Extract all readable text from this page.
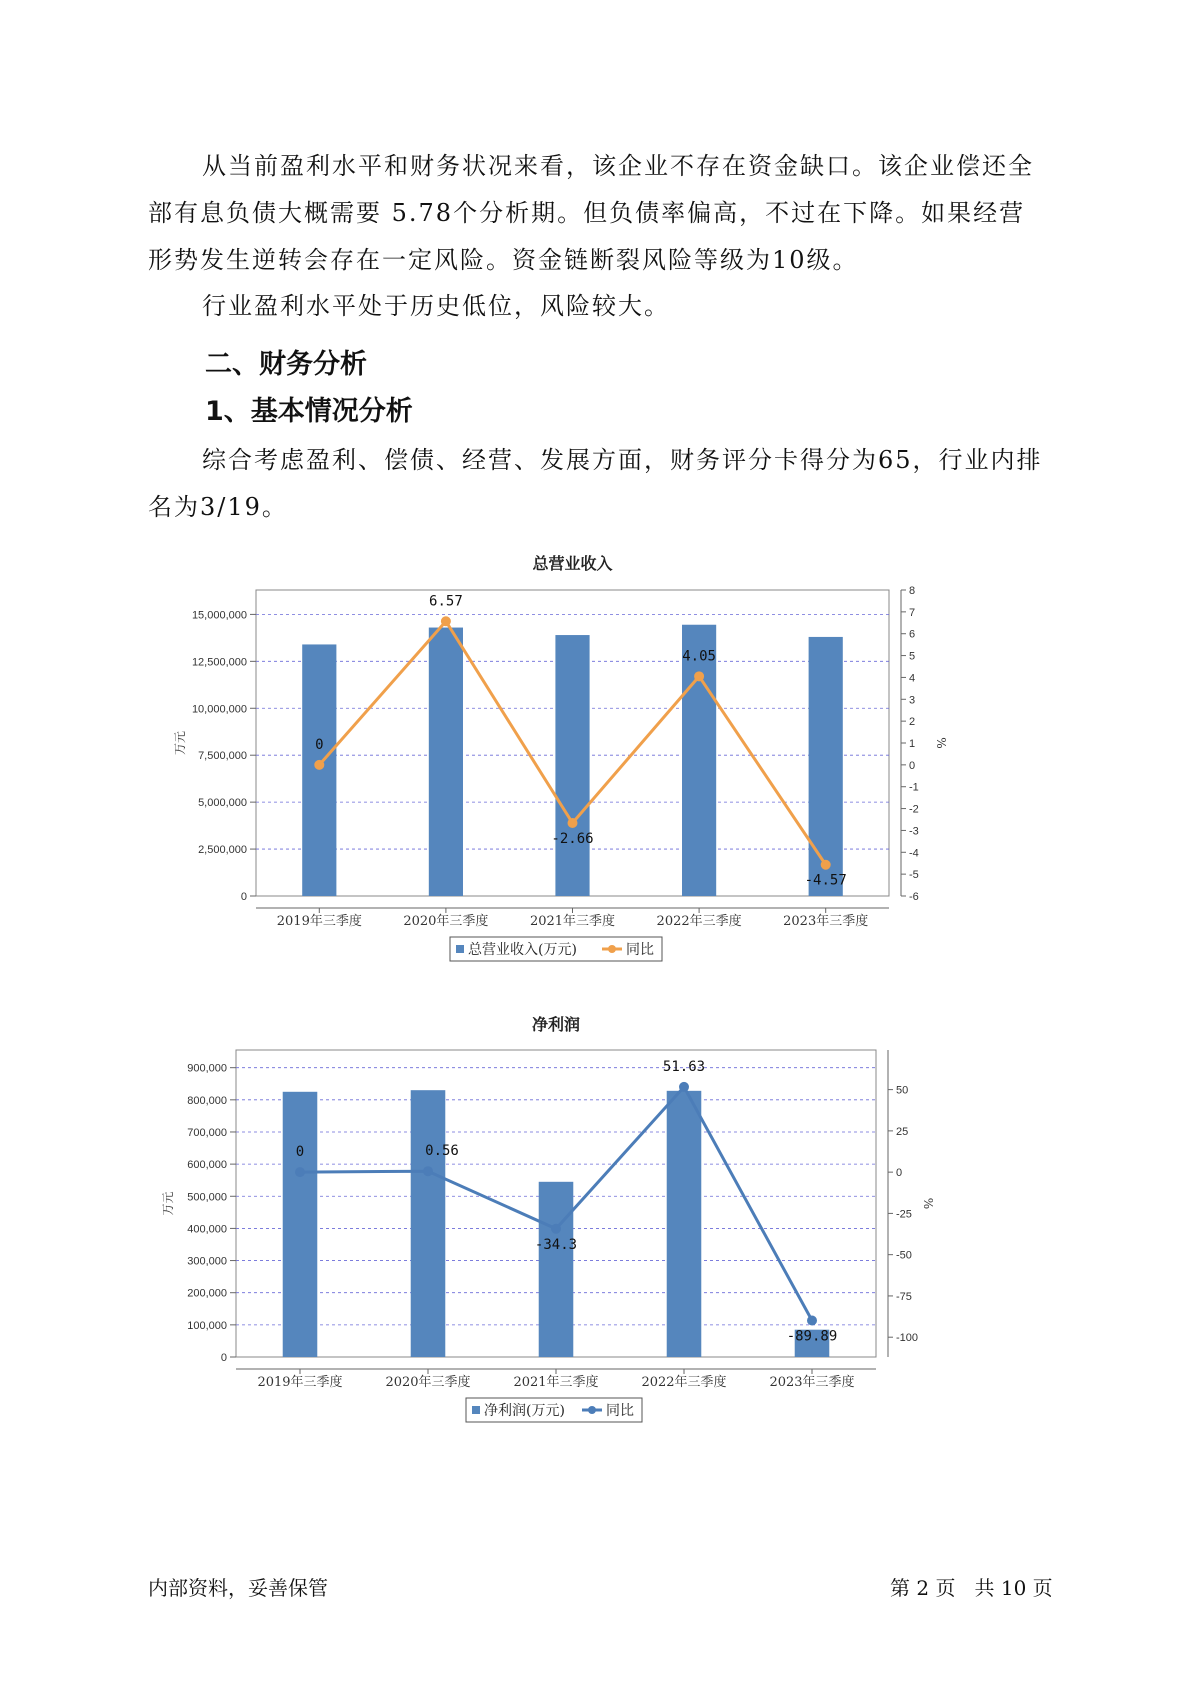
从当前盈利水平和财务状况来看，该企业不存在资金缺口。该企业偿还全部有息负债大概需要 5.78个分析期。但负债率偏高，不过在下降。如果经营形势发生逆转会存在一定风险。资金链断裂风险等级为10级。

行业盈利水平处于历史低位，风险较大。

二、财务分析
1、基本情况分析

综合考虑盈利、偿债、经营、发展方面，财务评分卡得分为65，行业内排名为3/19。

总营业收入
0
2,500,000
5,000,000
7,500,000
10,000,000
12,500,000
15,000,000
-6
-5
-4
-3
-2
-1
0
1
2
3
4
5
6
7
8
万元	%
2019年三季度	2020年三季度	2021年三季度	2022年三季度	2023年三季度
0
6.57
-2.66
4.05
-4.57
总营业收入(万元)	同比
净利润
0
100,000
200,000
300,000
400,000
500,000
600,000
700,000
800,000
900,000
-100
-75
-50
-25
0
25
50
万元	%
2019年三季度	2020年三季度	2021年三季度	2022年三季度	2023年三季度
0	0.56
-34.3
51.63
-89.89
净利润(万元)	同比
内部资料，妥善保管	第 2 页   共 10 页
